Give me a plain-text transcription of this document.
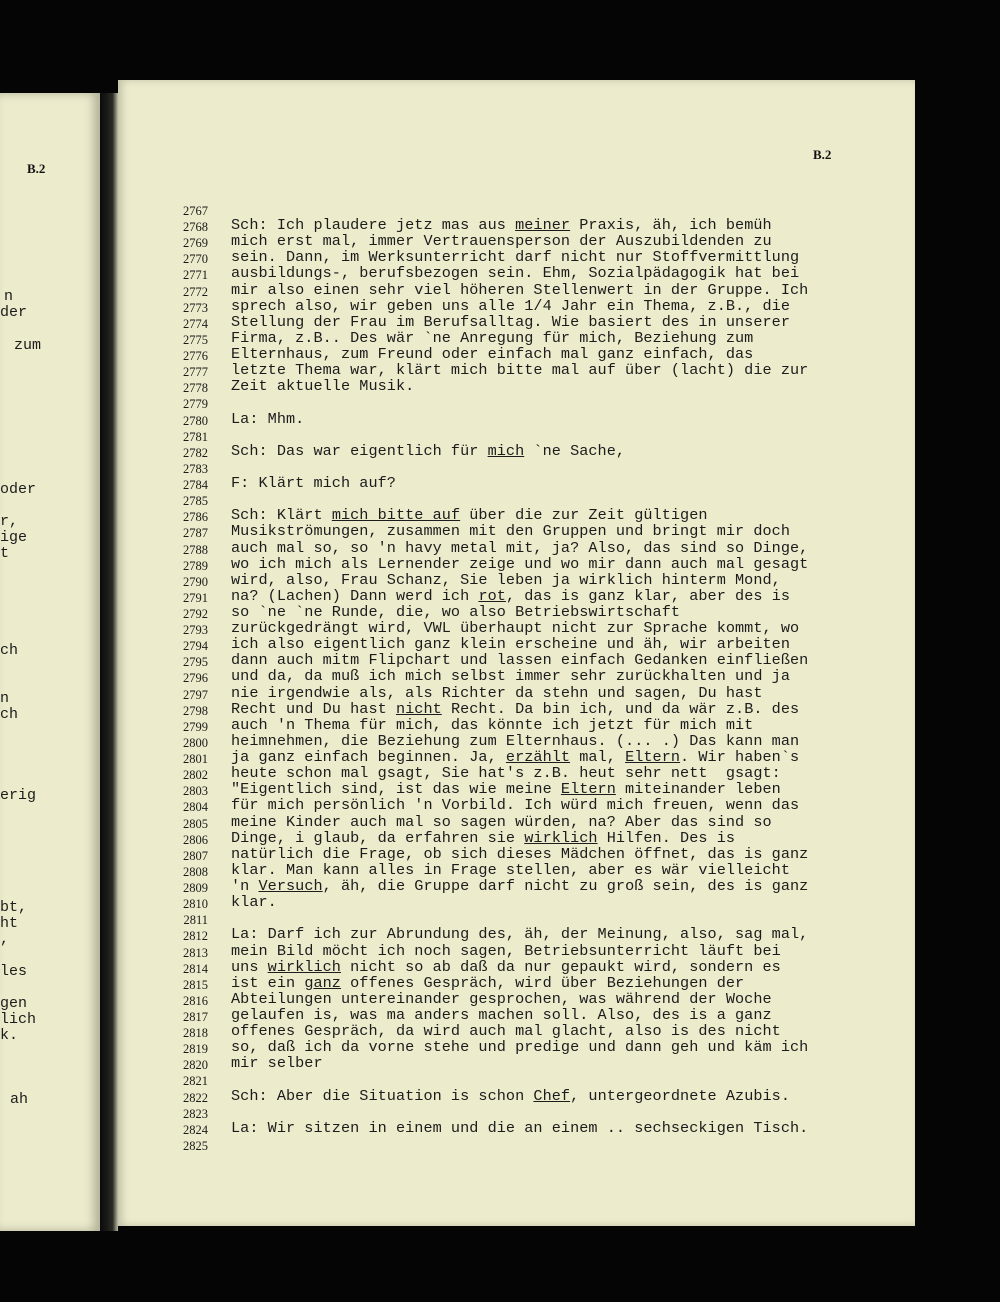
B.2
n
der
zum
oder
r,
ige
t
ch
n
ch
erig
bt,
ht
,
les
gen
lich
k.
ah
B.2
2767
2768
2769
2770
2771
2772
2773
2774
2775
2776
2777
2778
2779
2780
2781
2782
2783
2784
2785
2786
2787
2788
2789
2790
2791
2792
2793
2794
2795
2796
2797
2798
2799
2800
2801
2802
2803
2804
2805
2806
2807
2808
2809
2810
2811
2812
2813
2814
2815
2816
2817
2818
2819
2820
2821
2822
2823
2824
2825
Sch: Ich plaudere jetz mas aus meiner Praxis, äh, ich bemüh
mich erst mal, immer Vertrauensperson der Auszubildenden zu
sein. Dann, im Werksunterricht darf nicht nur Stoffvermittlung
ausbildungs-, berufsbezogen sein. Ehm, Sozialpädagogik hat bei
mir also einen sehr viel höheren Stellenwert in der Gruppe. Ich
sprech also, wir geben uns alle 1/4 Jahr ein Thema, z.B., die
Stellung der Frau im Berufsalltag. Wie basiert des in unserer
Firma, z.B.. Des wär `ne Anregung für mich, Beziehung zum
Elternhaus, zum Freund oder einfach mal ganz einfach, das
letzte Thema war, klärt mich bitte mal auf über (lacht) die zur
Zeit aktuelle Musik.
La: Mhm.
Sch: Das war eigentlich für mich `ne Sache,
F: Klärt mich auf?
Sch: Klärt mich bitte auf über die zur Zeit gültigen
Musikströmungen, zusammen mit den Gruppen und bringt mir doch
auch mal so, so 'n havy metal mit, ja? Also, das sind so Dinge,
wo ich mich als Lernender zeige und wo mir dann auch mal gesagt
wird, also, Frau Schanz, Sie leben ja wirklich hinterm Mond,
na? (Lachen) Dann werd ich rot, das is ganz klar, aber des is
so `ne `ne Runde, die, wo also Betriebswirtschaft
zurückgedrängt wird, VWL überhaupt nicht zur Sprache kommt, wo
ich also eigentlich ganz klein erscheine und äh, wir arbeiten
dann auch mitm Flipchart und lassen einfach Gedanken einfließen
und da, da muß ich mich selbst immer sehr zurückhalten und ja
nie irgendwie als, als Richter da stehn und sagen, Du hast
Recht und Du hast nicht Recht. Da bin ich, und da wär z.B. des
auch 'n Thema für mich, das könnte ich jetzt für mich mit
heimnehmen, die Beziehung zum Elternhaus. (... .) Das kann man
ja ganz einfach beginnen. Ja, erzählt mal, Eltern. Wir haben`s
heute schon mal gsagt, Sie hat's z.B. heut sehr nett  gsagt:
"Eigentlich sind, ist das wie meine Eltern miteinander leben
für mich persönlich 'n Vorbild. Ich würd mich freuen, wenn das
meine Kinder auch mal so sagen würden, na? Aber das sind so
Dinge, i glaub, da erfahren sie wirklich Hilfen. Des is
natürlich die Frage, ob sich dieses Mädchen öffnet, das is ganz
klar. Man kann alles in Frage stellen, aber es wär vielleicht
'n Versuch, äh, die Gruppe darf nicht zu groß sein, des is ganz
klar.
La: Darf ich zur Abrundung des, äh, der Meinung, also, sag mal,
mein Bild möcht ich noch sagen, Betriebsunterricht läuft bei
uns wirklich nicht so ab daß da nur gepaukt wird, sondern es
ist ein ganz offenes Gespräch, wird über Beziehungen der
Abteilungen untereinander gesprochen, was während der Woche
gelaufen is, was ma anders machen soll. Also, des is a ganz
offenes Gespräch, da wird auch mal glacht, also is des nicht
so, daß ich da vorne stehe und predige und dann geh und käm ich
mir selber
Sch: Aber die Situation is schon Chef, untergeordnete Azubis.
La: Wir sitzen in einem und die an einem .. sechseckigen Tisch.
